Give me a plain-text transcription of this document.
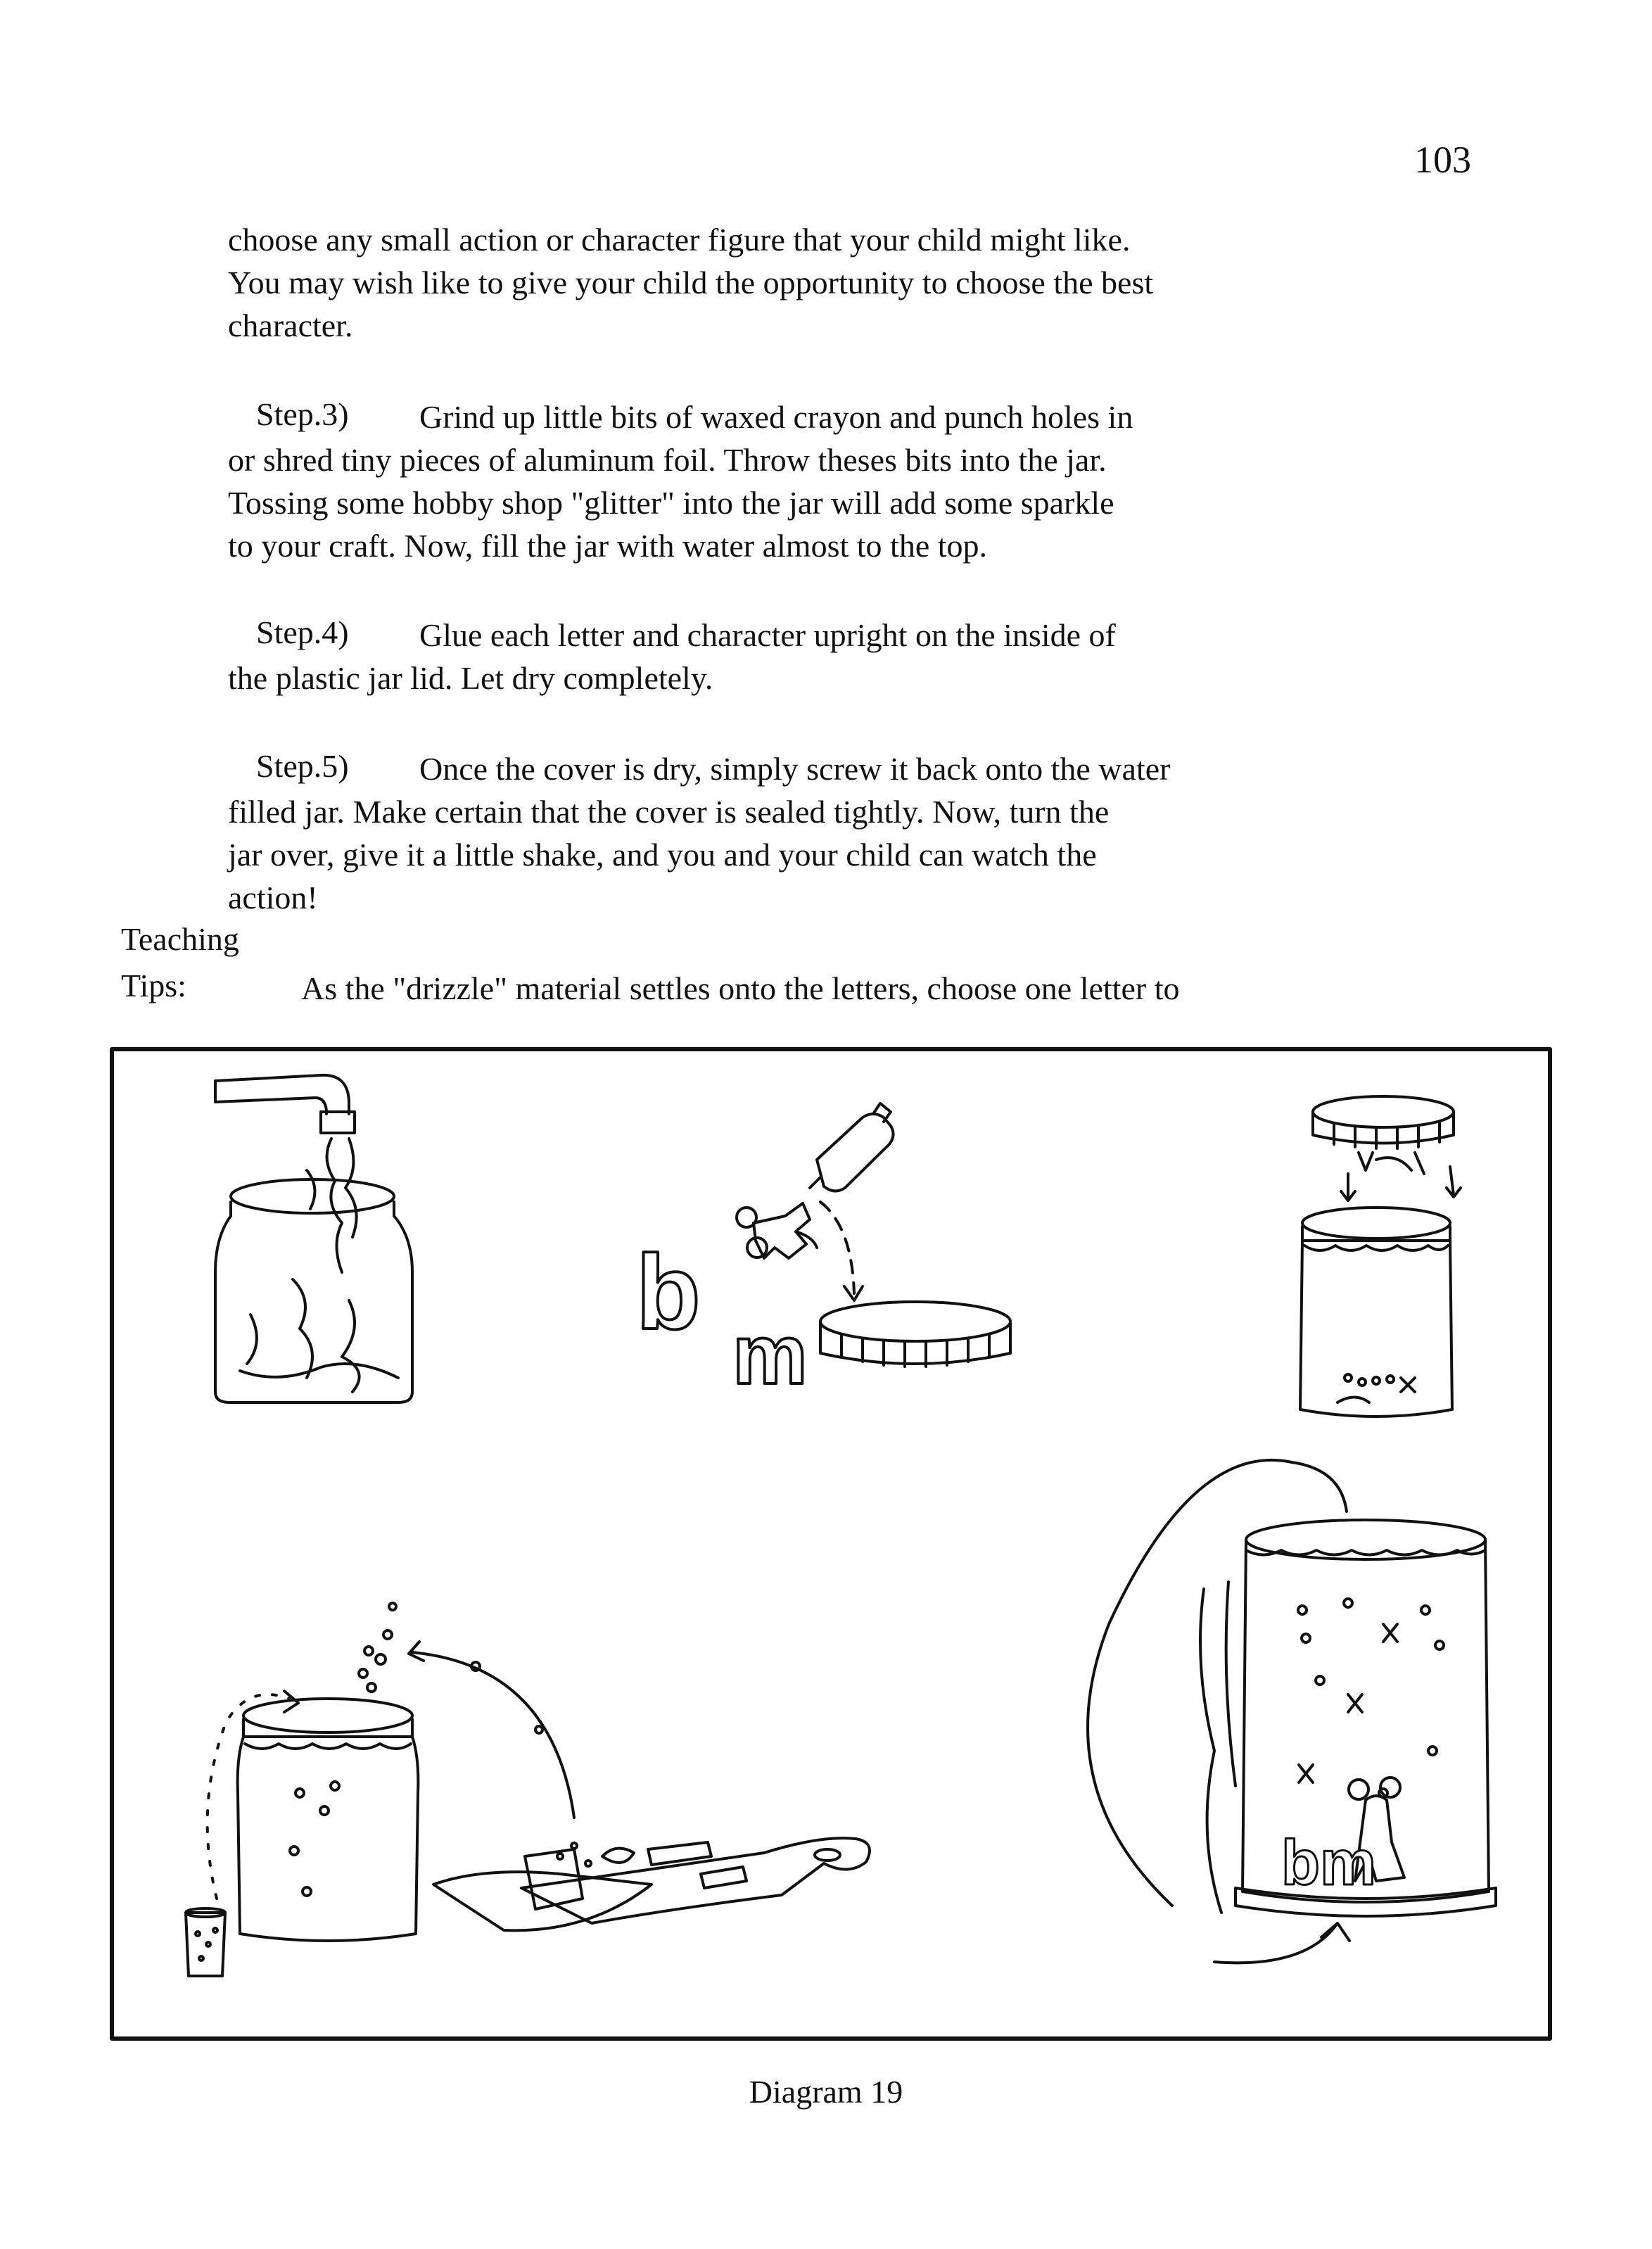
103
choose any small action or character figure that your child might like.
You may wish like to give your child the opportunity to choose the best
character.
Step.3) Grind up little bits of waxed crayon and punch holes in
or shred tiny pieces of aluminum foil. Throw theses bits into the jar.
Tossing some hobby shop "glitter" into the jar will add some sparkle
to your craft. Now, fill the jar with water almost to the top.
Step.4) Glue each letter and character upright on the inside of
the plastic jar lid. Let dry completely.
Step.5) Once the cover is dry, simply screw it back onto the water
filled jar. Make certain that the cover is sealed tightly. Now, turn the
jar over, give it a little shake, and you and your child can watch the
action!
Teaching
Tips:	As the "drizzle" material settles onto the letters, choose one letter to
b
m
bm
Diagram 19
